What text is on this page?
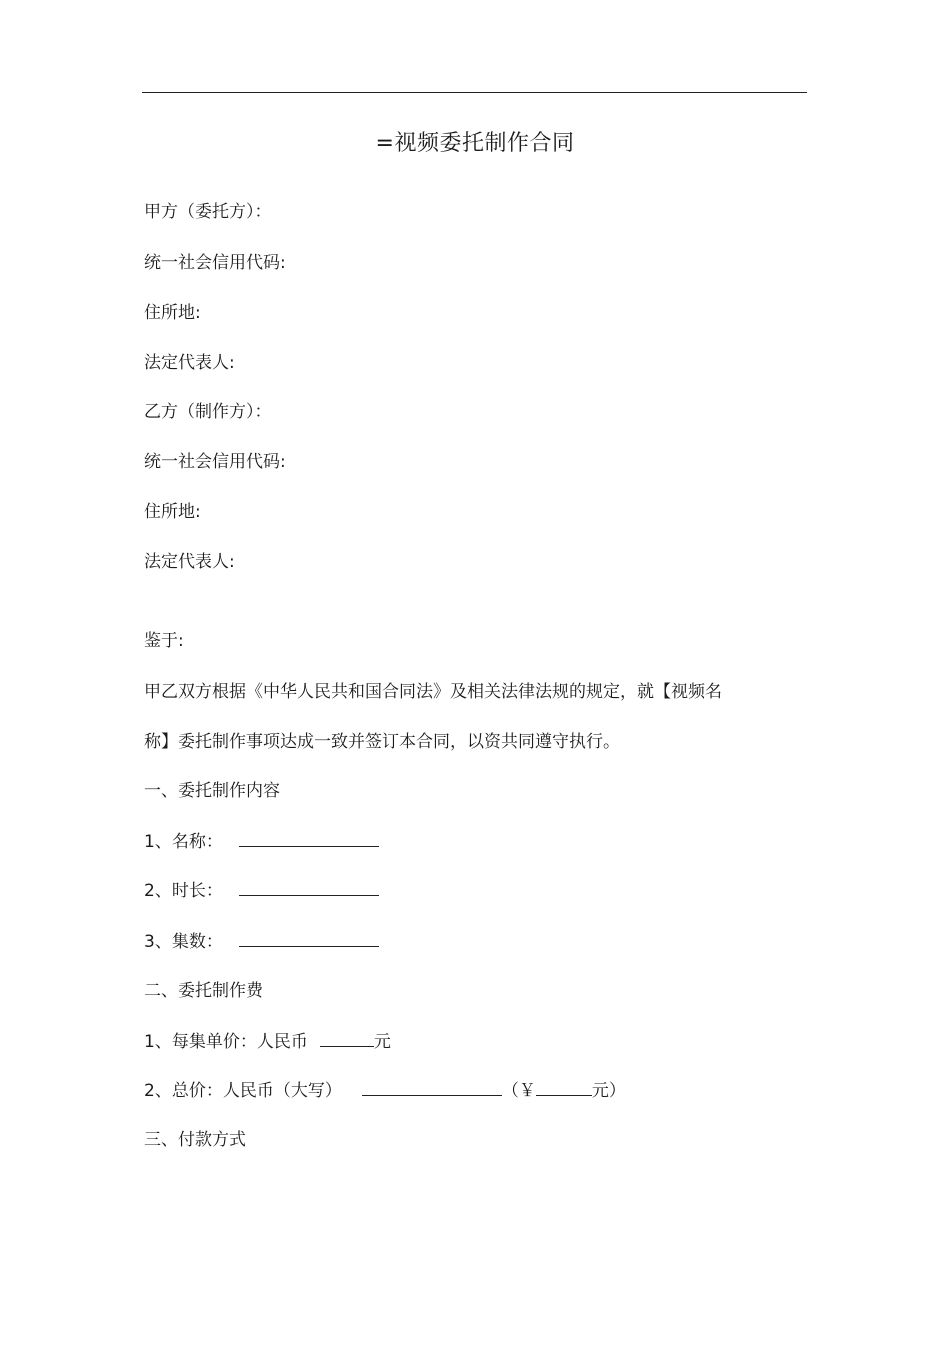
=视频委托制作合同
甲方（委托方）：
统一社会信用代码:
住所地:
法定代表人:
乙方（制作方）：
统一社会信用代码:
住所地:
法定代表人:
鉴于:
甲乙双方根据《中华人民共和国合同法》及相关法律法规的规定，就【视频名
称】委托制作事项达成一致并签订本合同，以资共同遵守执行。
一、委托制作内容
1、名称：
2、时长：
3、集数：
二、委托制作费
1、每集单价：人民币	元
2、总价：人民币（大写）	（￥	元）
三、付款方式
